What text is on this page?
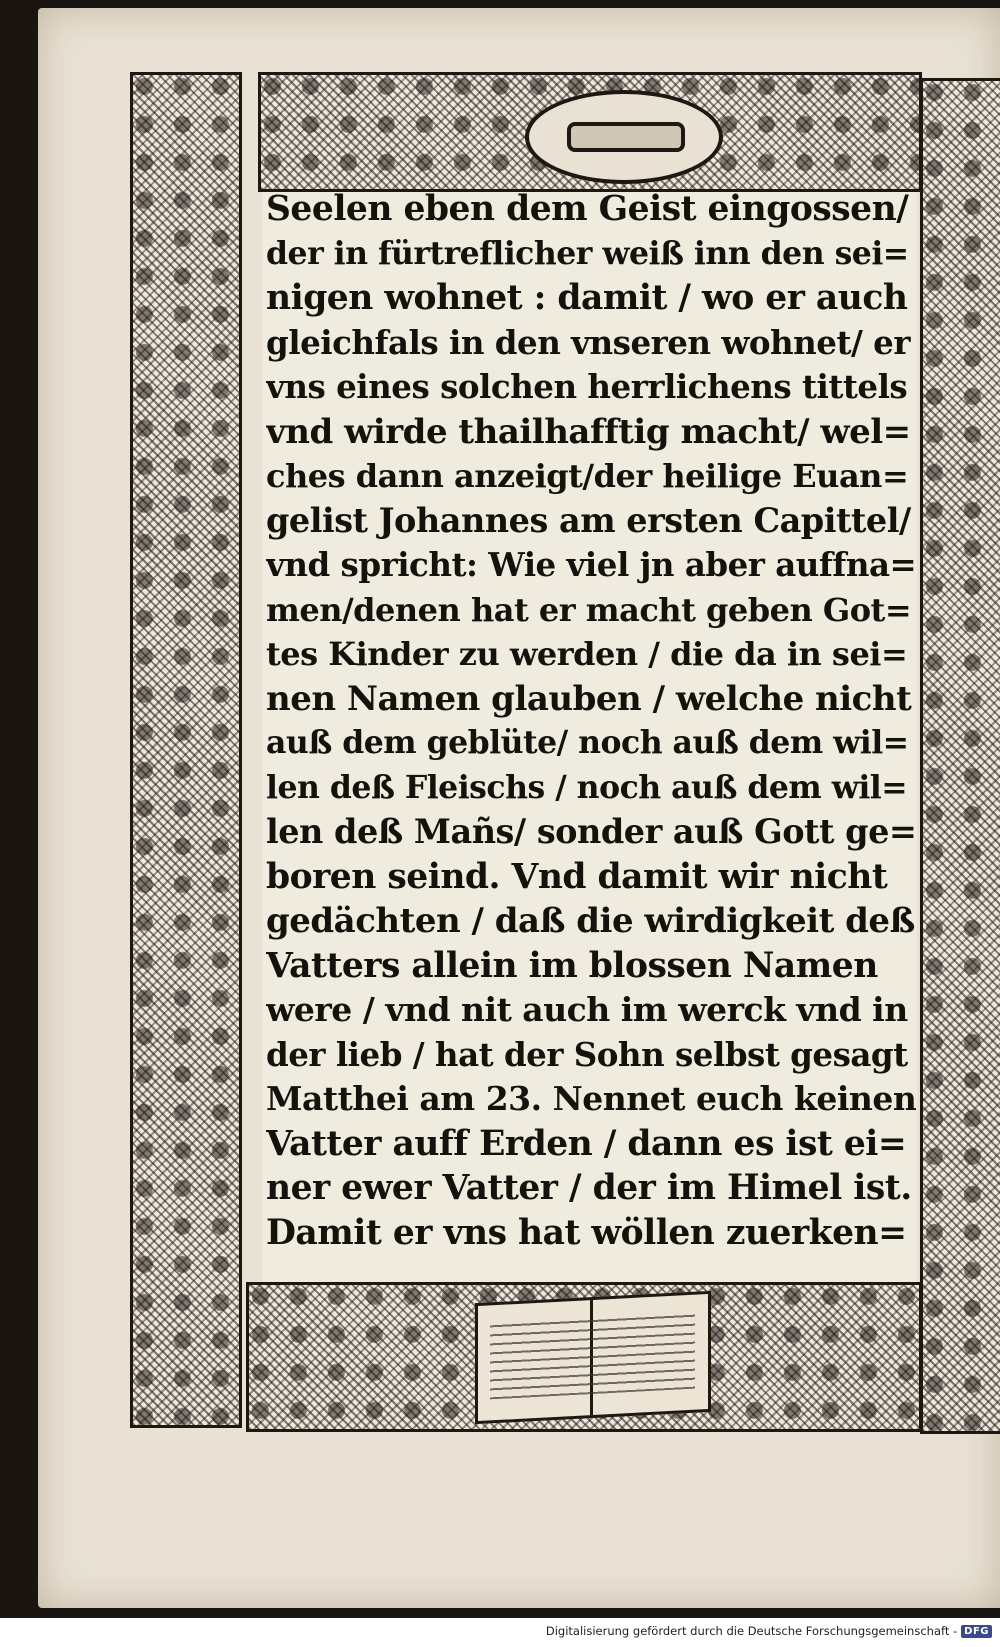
Seelen eben dem Geist eingossen/
der in fürtreflicher weiß inn den sei=
nigen wohnet : damit / wo er auch
gleichfals in den vnseren wohnet/ er
vns eines solchen herrlichens tittels
vnd wirde thailhafftig macht/ wel=
ches dann anzeigt/der heilige Euan=
gelist Johannes am ersten Capittel/
vnd spricht: Wie viel jn aber auffna=
men/denen hat er macht geben Got=
tes Kinder zu werden / die da in sei=
nen Namen glauben / welche nicht
auß dem geblüte/ noch auß dem wil=
len deß Fleischs / noch auß dem wil=
len deß Mañs/ sonder auß Gott ge=
boren seind. Vnd damit wir nicht
gedächten / daß die wirdigkeit deß
Vatters allein im blossen Namen
were / vnd nit auch im werck vnd in
der lieb / hat der Sohn selbst gesagt
Matthei am 23. Nennet euch keinen
Vatter auff Erden / dann es ist ei=
ner ewer Vatter / der im Himel ist.
Damit er vns hat wöllen zuerken=
Digitalisierung gefördert durch die Deutsche Forschungsgemeinschaft - DFG
